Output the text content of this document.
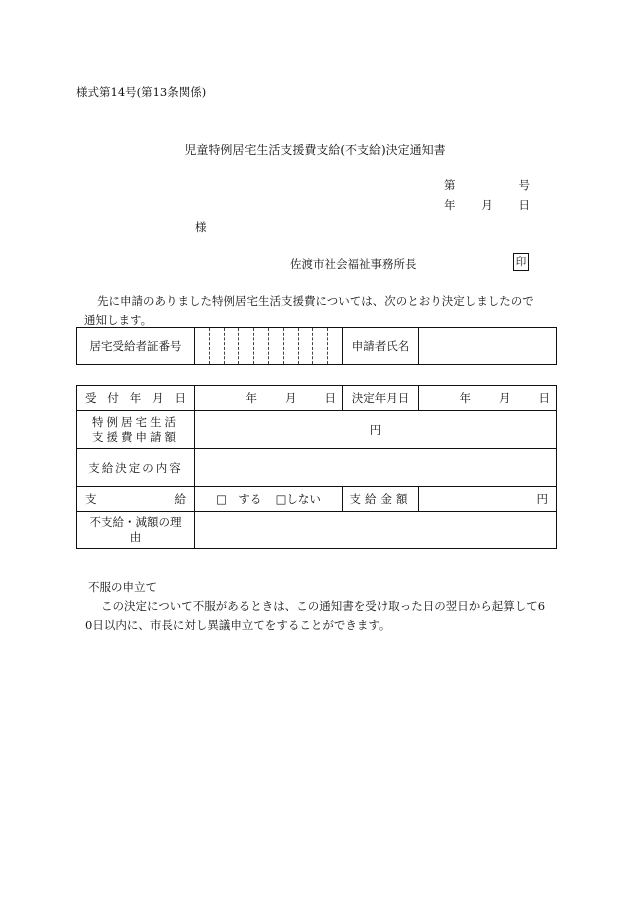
様式第14号(第13条関係)
児童特例居宅生活支援費支給(不支給)決定通知書
第	号
年 月 日
様
佐渡市社会福祉事務所長	印

先に申請のありました特例居宅生活支援費については、次のとおり決定しましたので

通知します。

居宅受給者証番号		申請者氏名	
受 付 年 月 日	年 月 日	決定年月日	年 月 日

特例居宅生活
支援費申請額	円		
支給決定の内容			

支 給	□　する □しない	支給金額	円

不支給・減額の理
由			

不服の申立て

この決定について不服があるときは、この通知書を受け取った日の翌日から起算して6

0日以内に、市長に対し異議申立てをすることができます。
